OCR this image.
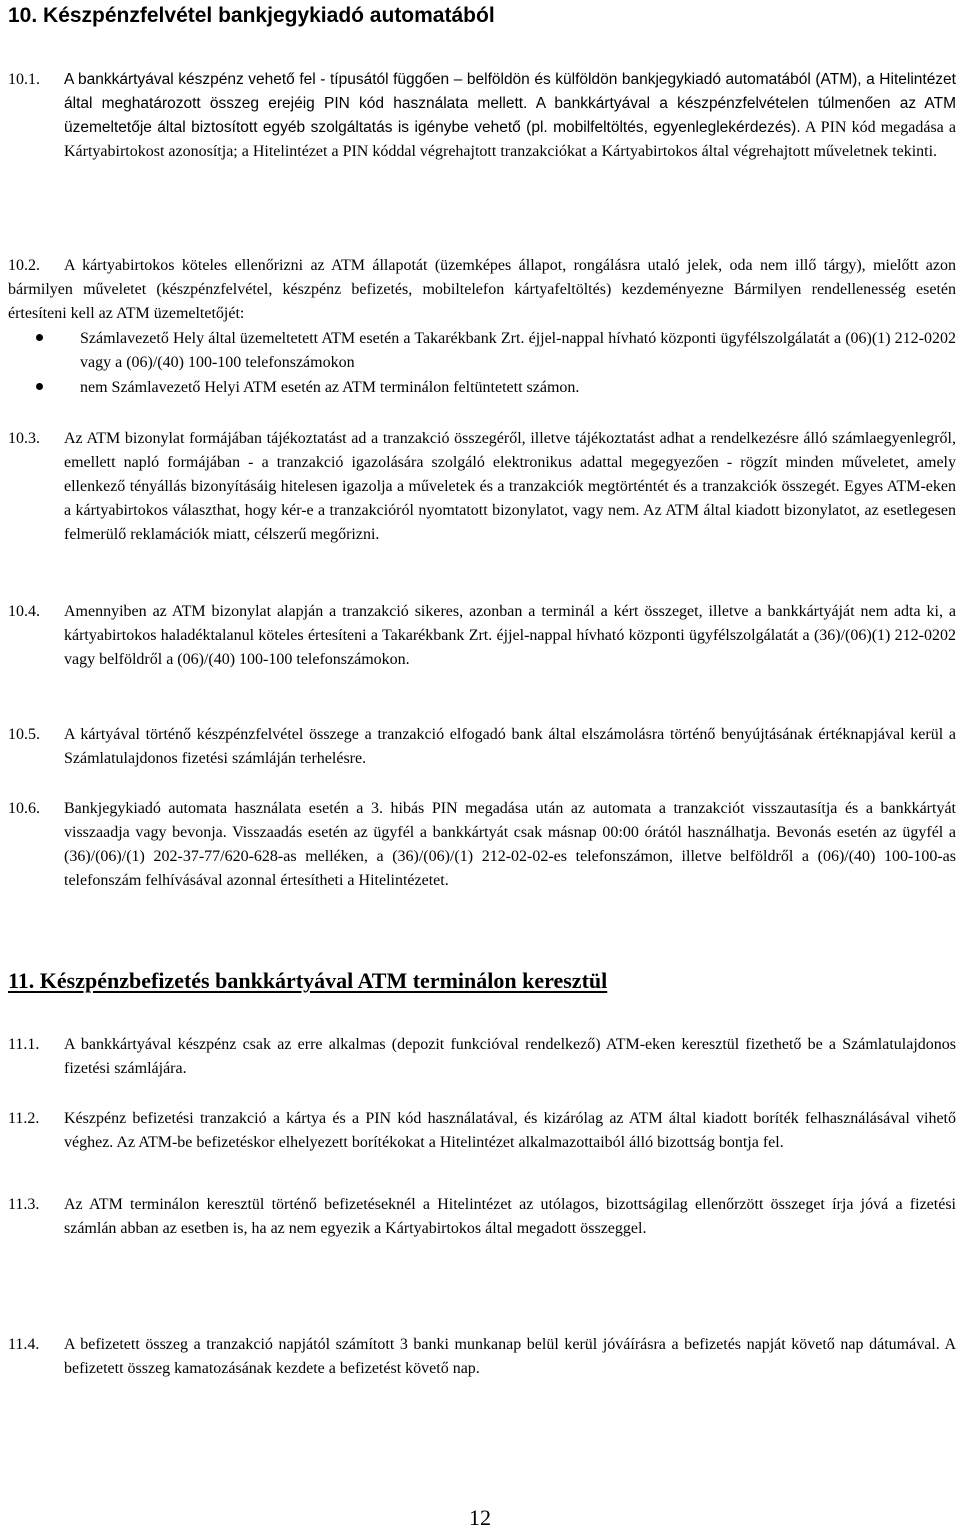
10. Készpénzfelvétel bankjegykiadó automatából
10.1.	A bankkártyával készpénz vehető fel - típusától függően – belföldön és külföldön bankjegykiadó automatából (ATM), a Hitelintézet által meghatározott összeg erejéig PIN kód használata mellett. A bankkártyával a készpénzfelvételen túlmenően az ATM üzemeltetője által biztosított egyéb szolgáltatás is igénybe vehető (pl. mobilfeltöltés, egyenleglekérdezés). A PIN kód megadása a Kártyabirtokost azonosítja; a Hitelintézet a PIN kóddal végrehajtott tranzakciókat a Kártyabirtokos által végrehajtott műveletnek tekinti.
10.2.	A kártyabirtokos köteles ellenőrizni az ATM állapotát (üzemképes állapot, rongálásra utaló jelek, oda nem illő tárgy), mielőtt azon bármilyen műveletet (készpénzfelvétel, készpénz befizetés, mobiltelefon kártyafeltöltés) kezdeményezne Bármilyen rendellenesség esetén értesíteni kell az ATM üzemeltetőjét:
Számlavezető Hely által üzemeltetett ATM esetén a Takarékbank Zrt. éjjel-nappal hívható központi ügyfélszolgálatát a (06)(1) 212-0202 vagy a (06)/(40) 100-100 telefonszámokon
nem Számlavezető Helyi ATM esetén az ATM terminálon feltüntetett számon.
10.3.	Az ATM bizonylat formájában tájékoztatást ad a tranzakció összegéről, illetve tájékoztatást adhat a rendelkezésre álló számlaegyenlegről, emellett napló formájában - a tranzakció igazolására szolgáló elektronikus adattal megegyezően - rögzít minden műveletet, amely ellenkező tényállás bizonyításáig hitelesen igazolja a műveletek és a tranzakciók megtörténtét és a tranzakciók összegét. Egyes ATM-eken a kártyabirtokos választhat, hogy kér-e a tranzakcióról nyomtatott bizonylatot, vagy nem. Az ATM által kiadott bizonylatot, az esetlegesen felmerülő reklamációk miatt, célszerű megőrizni.
10.4.	Amennyiben az ATM bizonylat alapján a tranzakció sikeres, azonban a terminál a kért összeget, illetve a bankkártyáját nem adta ki, a kártyabirtokos haladéktalanul köteles értesíteni a Takarékbank Zrt. éjjel-nappal hívható központi ügyfélszolgálatát a (36)/(06)(1) 212-0202 vagy belföldről a (06)/(40) 100-100 telefonszámokon.
10.5.	A kártyával történő készpénzfelvétel összege a tranzakció elfogadó bank által elszámolásra történő benyújtásának értéknapjával kerül a Számlatulajdonos fizetési számláján terhelésre.
10.6.	Bankjegykiadó automata használata esetén a 3. hibás PIN megadása után az automata a tranzakciót visszautasítja és a bankkártyát visszaadja vagy bevonja. Visszaadás esetén az ügyfél a bankkártyát csak másnap 00:00 órától használhatja. Bevonás esetén az ügyfél a (36)/(06)/(1) 202-37-77/620-628-as melléken, a (36)/(06)/(1) 212-02-02-es telefonszámon, illetve belföldről a (06)/(40) 100-100-as telefonszám felhívásával azonnal értesítheti a Hitelintézetet.
11. Készpénzbefizetés bankkártyával ATM terminálon keresztül
11.1.	A bankkártyával készpénz csak az erre alkalmas (depozit funkcióval rendelkező) ATM-eken keresztül fizethető be a Számlatulajdonos fizetési számlájára.
11.2.	Készpénz befizetési tranzakció a kártya és a PIN kód használatával, és kizárólag az ATM által kiadott boríték felhasználásával vihető véghez. Az ATM-be befizetéskor elhelyezett borítékokat a Hitelintézet alkalmazottaiból álló bizottság bontja fel.
11.3.	Az ATM terminálon keresztül történő befizetéseknél a Hitelintézet az utólagos, bizottságilag ellenőrzött összeget írja jóvá a fizetési számlán abban az esetben is, ha az nem egyezik a Kártyabirtokos által megadott összeggel.
11.4.	A befizetett összeg a tranzakció napjától számított 3 banki munkanap belül kerül jóváírásra a befizetés napját követő nap dátumával. A befizetett összeg kamatozásának kezdete a befizetést követő nap.
12
